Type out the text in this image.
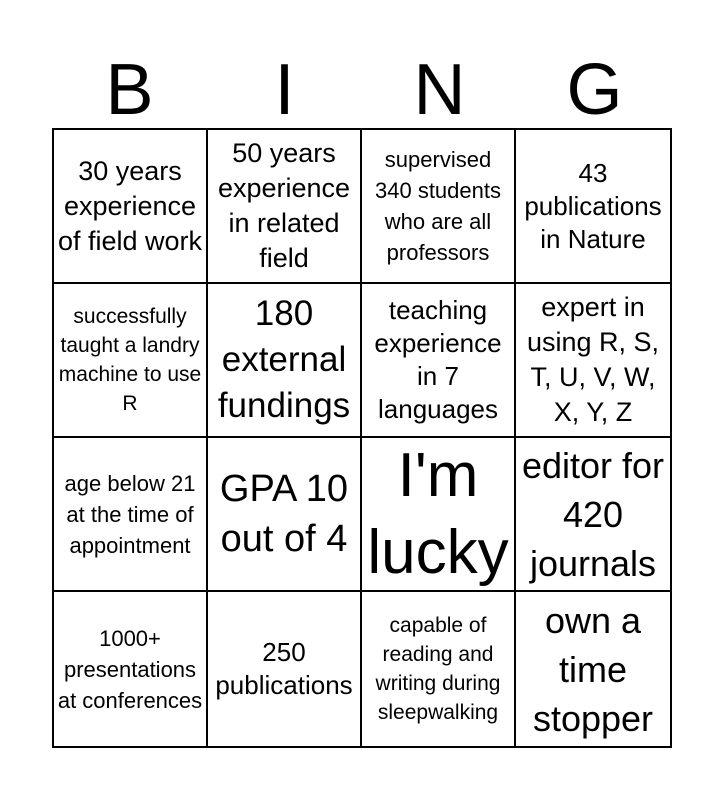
B	I	N	G
30 years experience of field work
50 years experience in related field
supervised 340 students who are all professors
43 publications in Nature
successfully taught a landry machine to use R
180 external fundings
teaching experience in 7 languages
expert in using R, S, T, U, V, W, X, Y, Z
age below 21 at the time of appointment
GPA 10 out of 4
I'm lucky
editor for 420 journals
1000+ presentations at conferences
250 publications
capable of reading and writing during sleepwalking
own a time stopper
